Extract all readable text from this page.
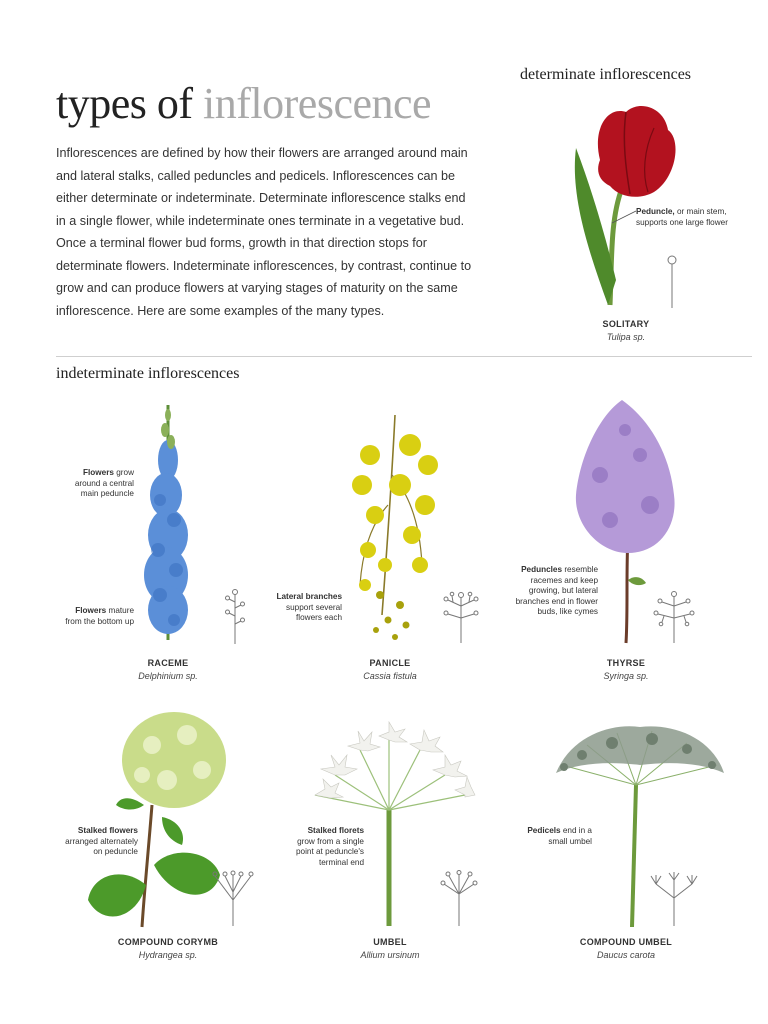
types of inflorescence
Inflorescences are defined by how their flowers are arranged around main and lateral stalks, called peduncles and pedicels. Inflorescences can be either determinate or indeterminate. Determinate inflorescence stalks end in a single flower, while indeterminate ones terminate in a vegetative bud. Once a terminal flower bud forms, growth in that direction stops for determinate flowers. Indeterminate inflorescences, by contrast, continue to grow and can produce flowers at varying stages of maturity on the same inflorescence. Here are some examples of the many types.
determinate inflorescences
Peduncle, or main stem, supports one large flower
SOLITARY
Tulipa sp.
indeterminate inflorescences
Flowers grow around a central main peduncle
Flowers mature from the bottom up
RACEME
Delphinium sp.
Lateral branches support several flowers each
PANICLE
Cassia fistula
Peduncles resemble racemes and keep growing, but lateral branches end in flower buds, like cymes
THYRSE
Syringa sp.
Stalked flowers arranged alternately on peduncle
COMPOUND CORYMB
Hydrangea sp.
Stalked florets grow from a single point at peduncle's terminal end
UMBEL
Allium ursinum
Pedicels end in a small umbel
COMPOUND UMBEL
Daucus carota
